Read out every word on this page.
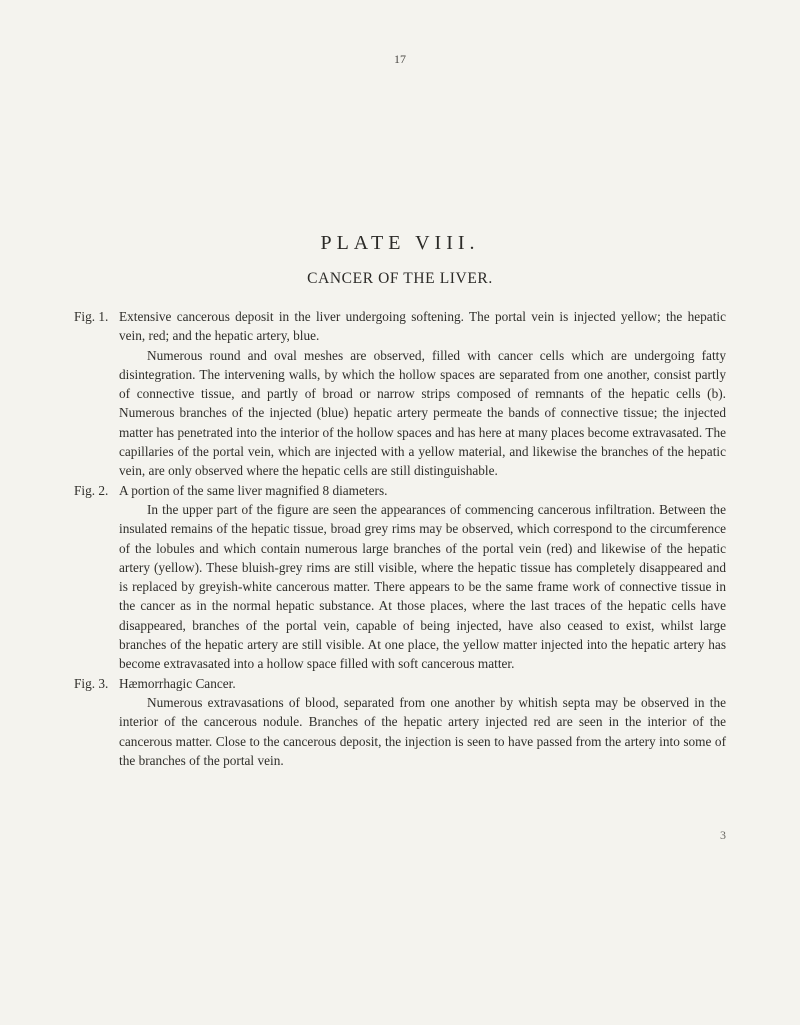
17
PLATE VIII.
CANCER OF THE LIVER.
Fig. 1. Extensive cancerous deposit in the liver undergoing softening. The portal vein is injected yellow; the hepatic vein, red; and the hepatic artery, blue.

Numerous round and oval meshes are observed, filled with cancer cells which are undergoing fatty disintegration. The intervening walls, by which the hollow spaces are separated from one another, consist partly of connective tissue, and partly of broad or narrow strips composed of remnants of the hepatic cells (b). Numerous branches of the injected (blue) hepatic artery permeate the bands of connective tissue; the injected matter has penetrated into the interior of the hollow spaces and has here at many places become extravasated. The capillaries of the portal vein, which are injected with a yellow material, and likewise the branches of the hepatic vein, are only observed where the hepatic cells are still distinguishable.

Fig. 2. A portion of the same liver magnified 8 diameters.

In the upper part of the figure are seen the appearances of commencing cancerous infiltration. Between the insulated remains of the hepatic tissue, broad grey rims may be observed, which correspond to the circumference of the lobules and which contain numerous large branches of the portal vein (red) and likewise of the hepatic artery (yellow). These bluish-grey rims are still visible, where the hepatic tissue has completely disappeared and is replaced by greyish-white cancerous matter. There appears to be the same frame work of connective tissue in the cancer as in the normal hepatic substance. At those places, where the last traces of the hepatic cells have disappeared, branches of the portal vein, capable of being injected, have also ceased to exist, whilst large branches of the hepatic artery are still visible. At one place, the yellow matter injected into the hepatic artery has become extravasated into a hollow space filled with soft cancerous matter.

Fig. 3. Hæmorrhagic Cancer.

Numerous extravasations of blood, separated from one another by whitish septa may be observed in the interior of the cancerous nodule. Branches of the hepatic artery injected red are seen in the interior of the cancerous matter. Close to the cancerous deposit, the injection is seen to have passed from the artery into some of the branches of the portal vein.

3
